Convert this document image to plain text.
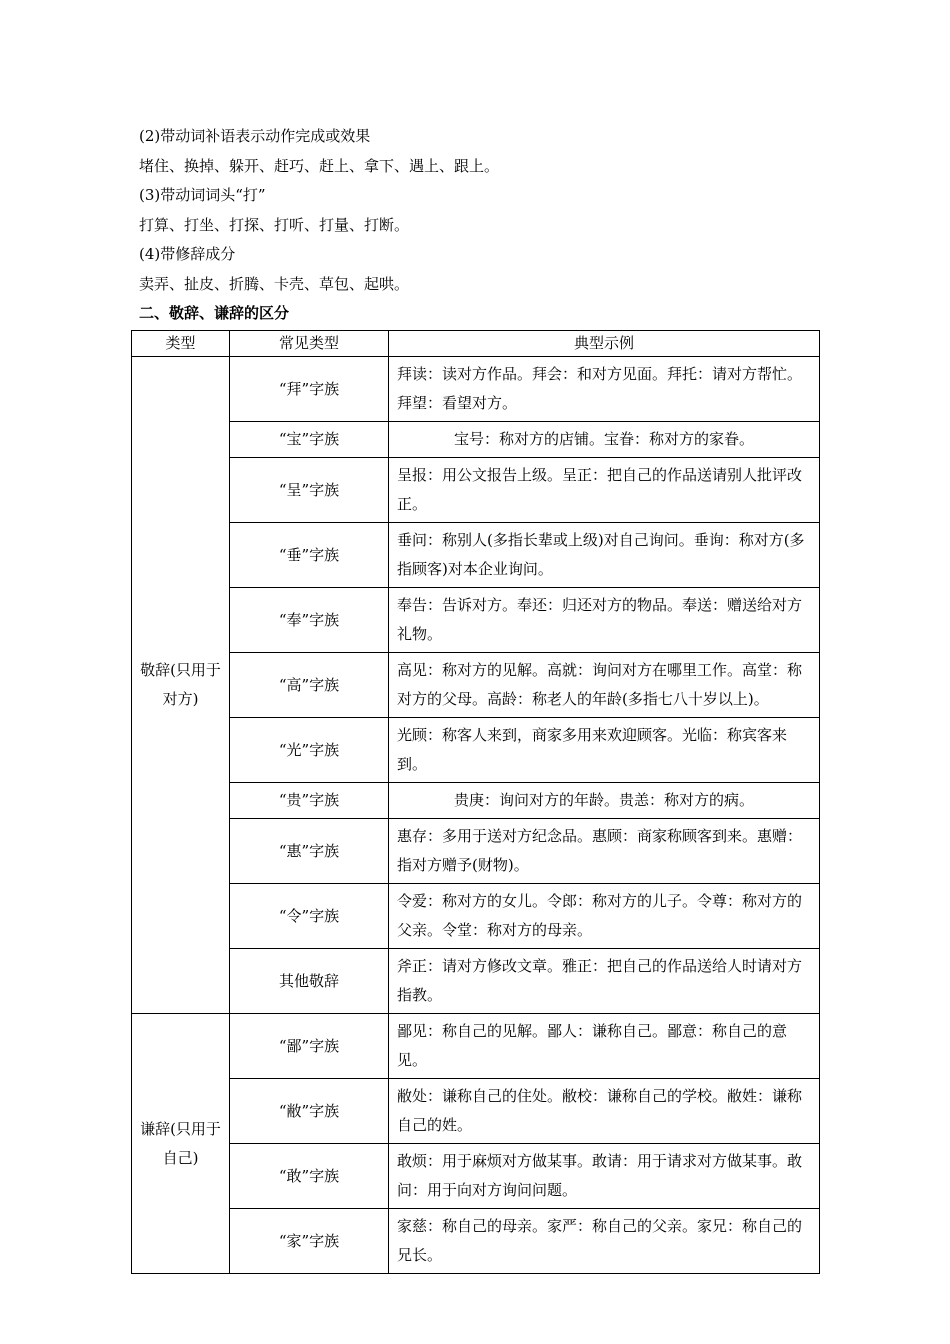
(2)带动词补语表示动作完成或效果
堵住、换掉、躲开、赶巧、赶上、拿下、遇上、跟上。
(3)带动词词头“打”
打算、打坐、打探、打听、打量、打断。
(4)带修辞成分
卖弄、扯皮、折腾、卡壳、草包、起哄。
二、敬辞、谦辞的区分
类型	常见类型	典型示例
敬辞(只用于对方)	“拜”字族	拜读：读对方作品。拜会：和对方见面。拜托：请对方帮忙。拜望：看望对方。
	“宝”字族	宝号：称对方的店铺。宝眷：称对方的家眷。
	“呈”字族	呈报：用公文报告上级。呈正：把自己的作品送请别人批评改正。
	“垂”字族	垂问：称别人(多指长辈或上级)对自己询问。垂询：称对方(多指顾客)对本企业询问。
	“奉”字族	奉告：告诉对方。奉还：归还对方的物品。奉送：赠送给对方礼物。
	“高”字族	高见：称对方的见解。高就：询问对方在哪里工作。高堂：称对方的父母。高龄：称老人的年龄(多指七八十岁以上)。
	“光”字族	光顾：称客人来到，商家多用来欢迎顾客。光临：称宾客来到。
	“贵”字族	贵庚：询问对方的年龄。贵恙：称对方的病。
	“惠”字族	惠存：多用于送对方纪念品。惠顾：商家称顾客到来。惠赠：指对方赠予(财物)。
	“令”字族	令爱：称对方的女儿。令郎：称对方的儿子。令尊：称对方的父亲。令堂：称对方的母亲。
	其他敬辞	斧正：请对方修改文章。雅正：把自己的作品送给人时请对方指教。
谦辞(只用于自己)	“鄙”字族	鄙见：称自己的见解。鄙人：谦称自己。鄙意：称自己的意见。
	“敝”字族	敝处：谦称自己的住处。敝校：谦称自己的学校。敝姓：谦称自己的姓。
	“敢”字族	敢烦：用于麻烦对方做某事。敢请：用于请求对方做某事。敢问：用于向对方询问问题。
	“家”字族	家慈：称自己的母亲。家严：称自己的父亲。家兄：称自己的兄长。
